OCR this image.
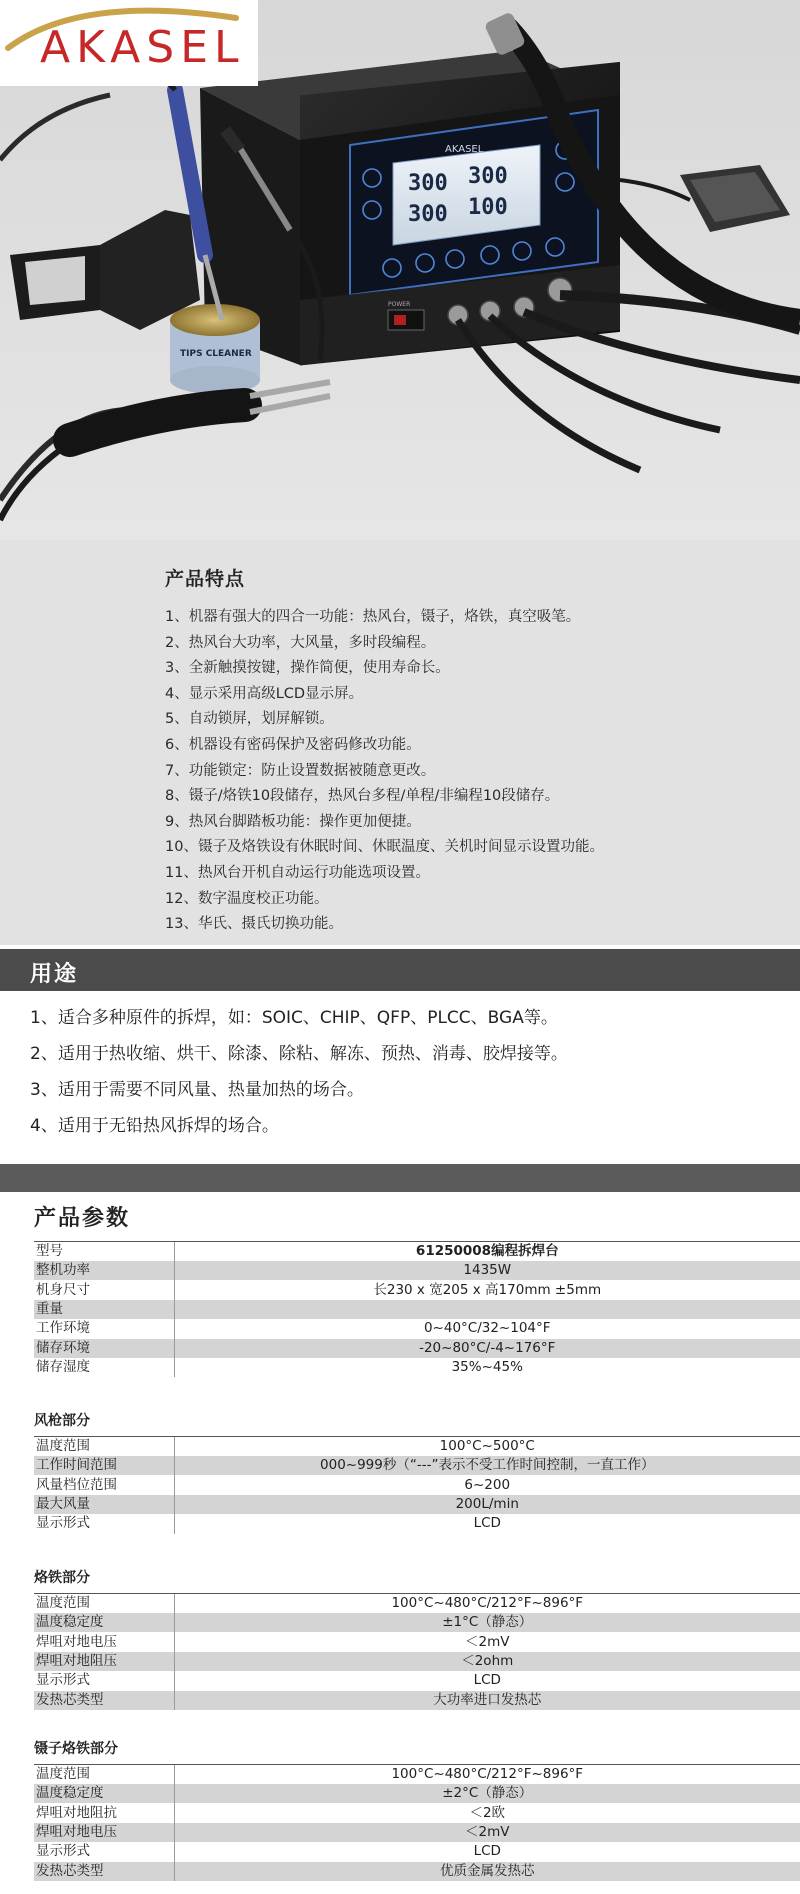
300 300
300 100
AKASEL
POWER
TIPS CLEANER
AKASEL
产品特点
1、机器有强大的四合一功能：热风台，镊子，烙铁，真空吸笔。
2、热风台大功率，大风量，多时段编程。
3、全新触摸按键，操作简便，使用寿命长。
4、显示采用高级LCD显示屏。
5、自动锁屏，划屏解锁。
6、机器设有密码保护及密码修改功能。
7、功能锁定：防止设置数据被随意更改。
8、镊子/烙铁10段储存，热风台多程/单程/非编程10段储存。
9、热风台脚踏板功能：操作更加便捷。
10、镊子及烙铁设有休眠时间、休眠温度、关机时间显示设置功能。
11、热风台开机自动运行功能选项设置。
12、数字温度校正功能。
13、华氏、摄氏切换功能。
用途
1、适合多种原件的拆焊，如：SOIC、CHIP、QFP、PLCC、BGA等。
2、适用于热收缩、烘干、除漆、除粘、解冻、预热、消毒、胶焊接等。
3、适用于需要不同风量、热量加热的场合。
4、适用于无铅热风拆焊的场合。
产品参数
型号	61250008编程拆焊台
整机功率	1435W
机身尺寸	长230 x 宽205 x 高170mm ±5mm
重量	
工作环境	0~40°C/32~104°F
储存环境	-20~80°C/-4~176°F
储存湿度	35%~45%
风枪部分
温度范围	100°C~500°C
工作时间范围	000~999秒（“---”表示不受工作时间控制，一直工作）
风量档位范围	6~200
最大风量	200L/min
显示形式	LCD
烙铁部分
温度范围	100°C~480°C/212°F~896°F
温度稳定度	±1°C（静态）
焊咀对地电压	＜2mV
焊咀对地阻压	＜2ohm
显示形式	LCD
发热芯类型	大功率进口发热芯
镊子烙铁部分
温度范围	100°C~480°C/212°F~896°F
温度稳定度	±2°C（静态）
焊咀对地阻抗	＜2欧
焊咀对地电压	＜2mV
显示形式	LCD
发热芯类型	优质金属发热芯
